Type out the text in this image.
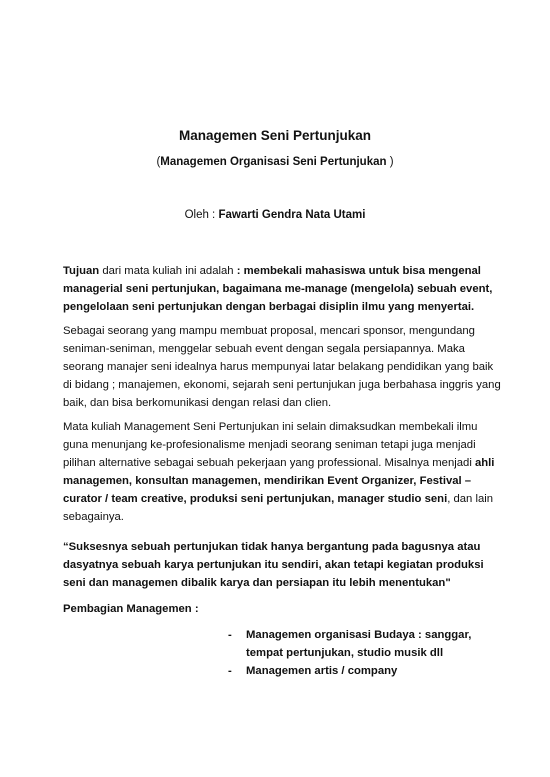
Managemen Seni Pertunjukan
(Managemen Organisasi Seni Pertunjukan )
Oleh : Fawarti Gendra Nata Utami
Tujuan dari mata kuliah ini adalah : membekali mahasiswa untuk bisa mengenal managerial seni pertunjukan, bagaimana me-manage (mengelola) sebuah event, pengelolaan seni pertunjukan dengan berbagai disiplin ilmu yang menyertai.
Sebagai seorang yang mampu membuat proposal, mencari sponsor, mengundang seniman-seniman, menggelar sebuah event dengan segala persiapannya. Maka seorang manajer seni idealnya harus mempunyai latar belakang pendidikan yang baik di bidang ; manajemen, ekonomi, sejarah seni pertunjukan juga berbahasa inggris yang baik, dan bisa berkomunikasi dengan relasi dan clien.
Mata kuliah Management Seni Pertunjukan ini selain dimaksudkan membekali ilmu guna menunjang ke-profesionalisme menjadi seorang seniman tetapi juga menjadi pilihan alternative sebagai sebuah pekerjaan yang professional. Misalnya menjadi ahli managemen, konsultan managemen, mendirikan Event Organizer, Festival – curator / team creative, produksi seni pertunjukan, manager studio seni, dan lain sebagainya.
“Suksesnya sebuah pertunjukan tidak hanya bergantung pada bagusnya atau dasyatnya sebuah karya pertunjukan itu sendiri, akan tetapi kegiatan produksi seni dan managemen dibalik karya dan persiapan itu lebih menentukan"
Pembagian Managemen :
- Managemen organisasi Budaya : sanggar, tempat pertunjukan, studio musik dll
- Managemen artis / company
